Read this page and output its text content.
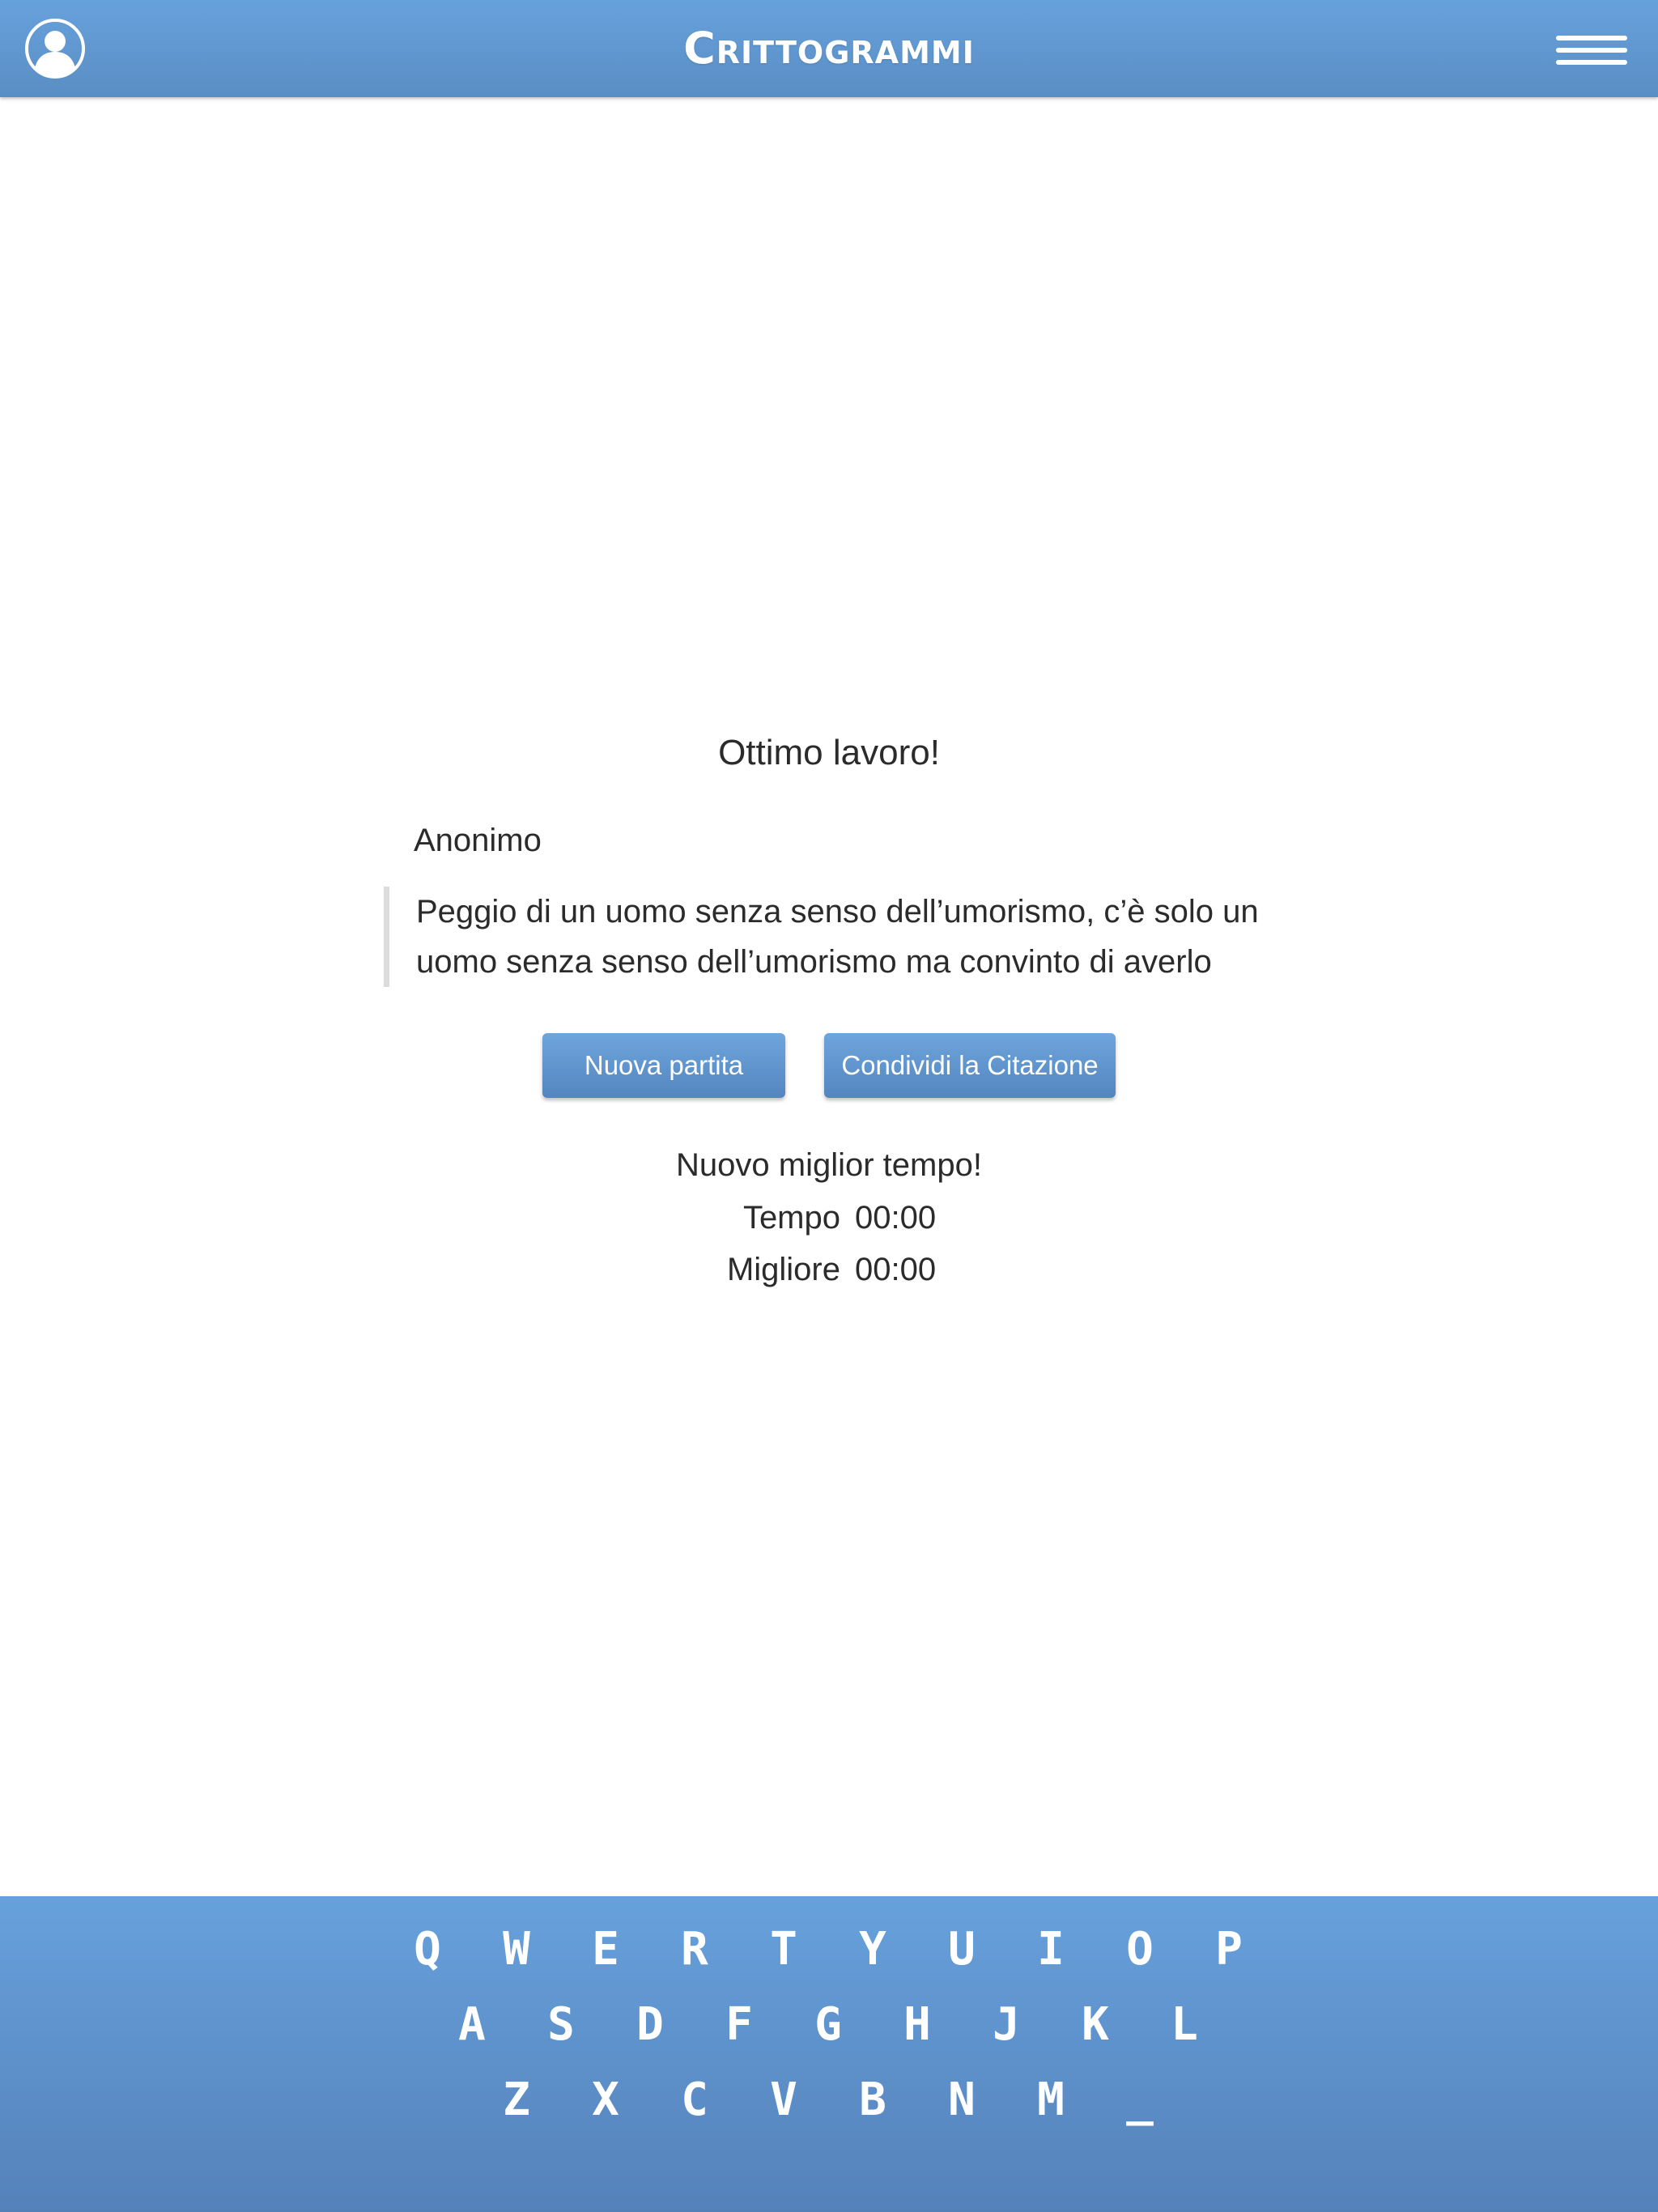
Crittogrammi
Ottimo lavoro!
Anonimo
Peggio di un uomo senza senso dell’umorismo, c’è solo un uomo senza senso dell’umorismo ma convinto di averlo
Nuova partita	Condividi la Citazione
Nuovo miglior tempo!
Tempo 00:00
Migliore 00:00
Q	W	E	R	T	Y	U	I	O	P
A	S	D	F	G	H	J	K	L
Z	X	C	V	B	N	M	_
